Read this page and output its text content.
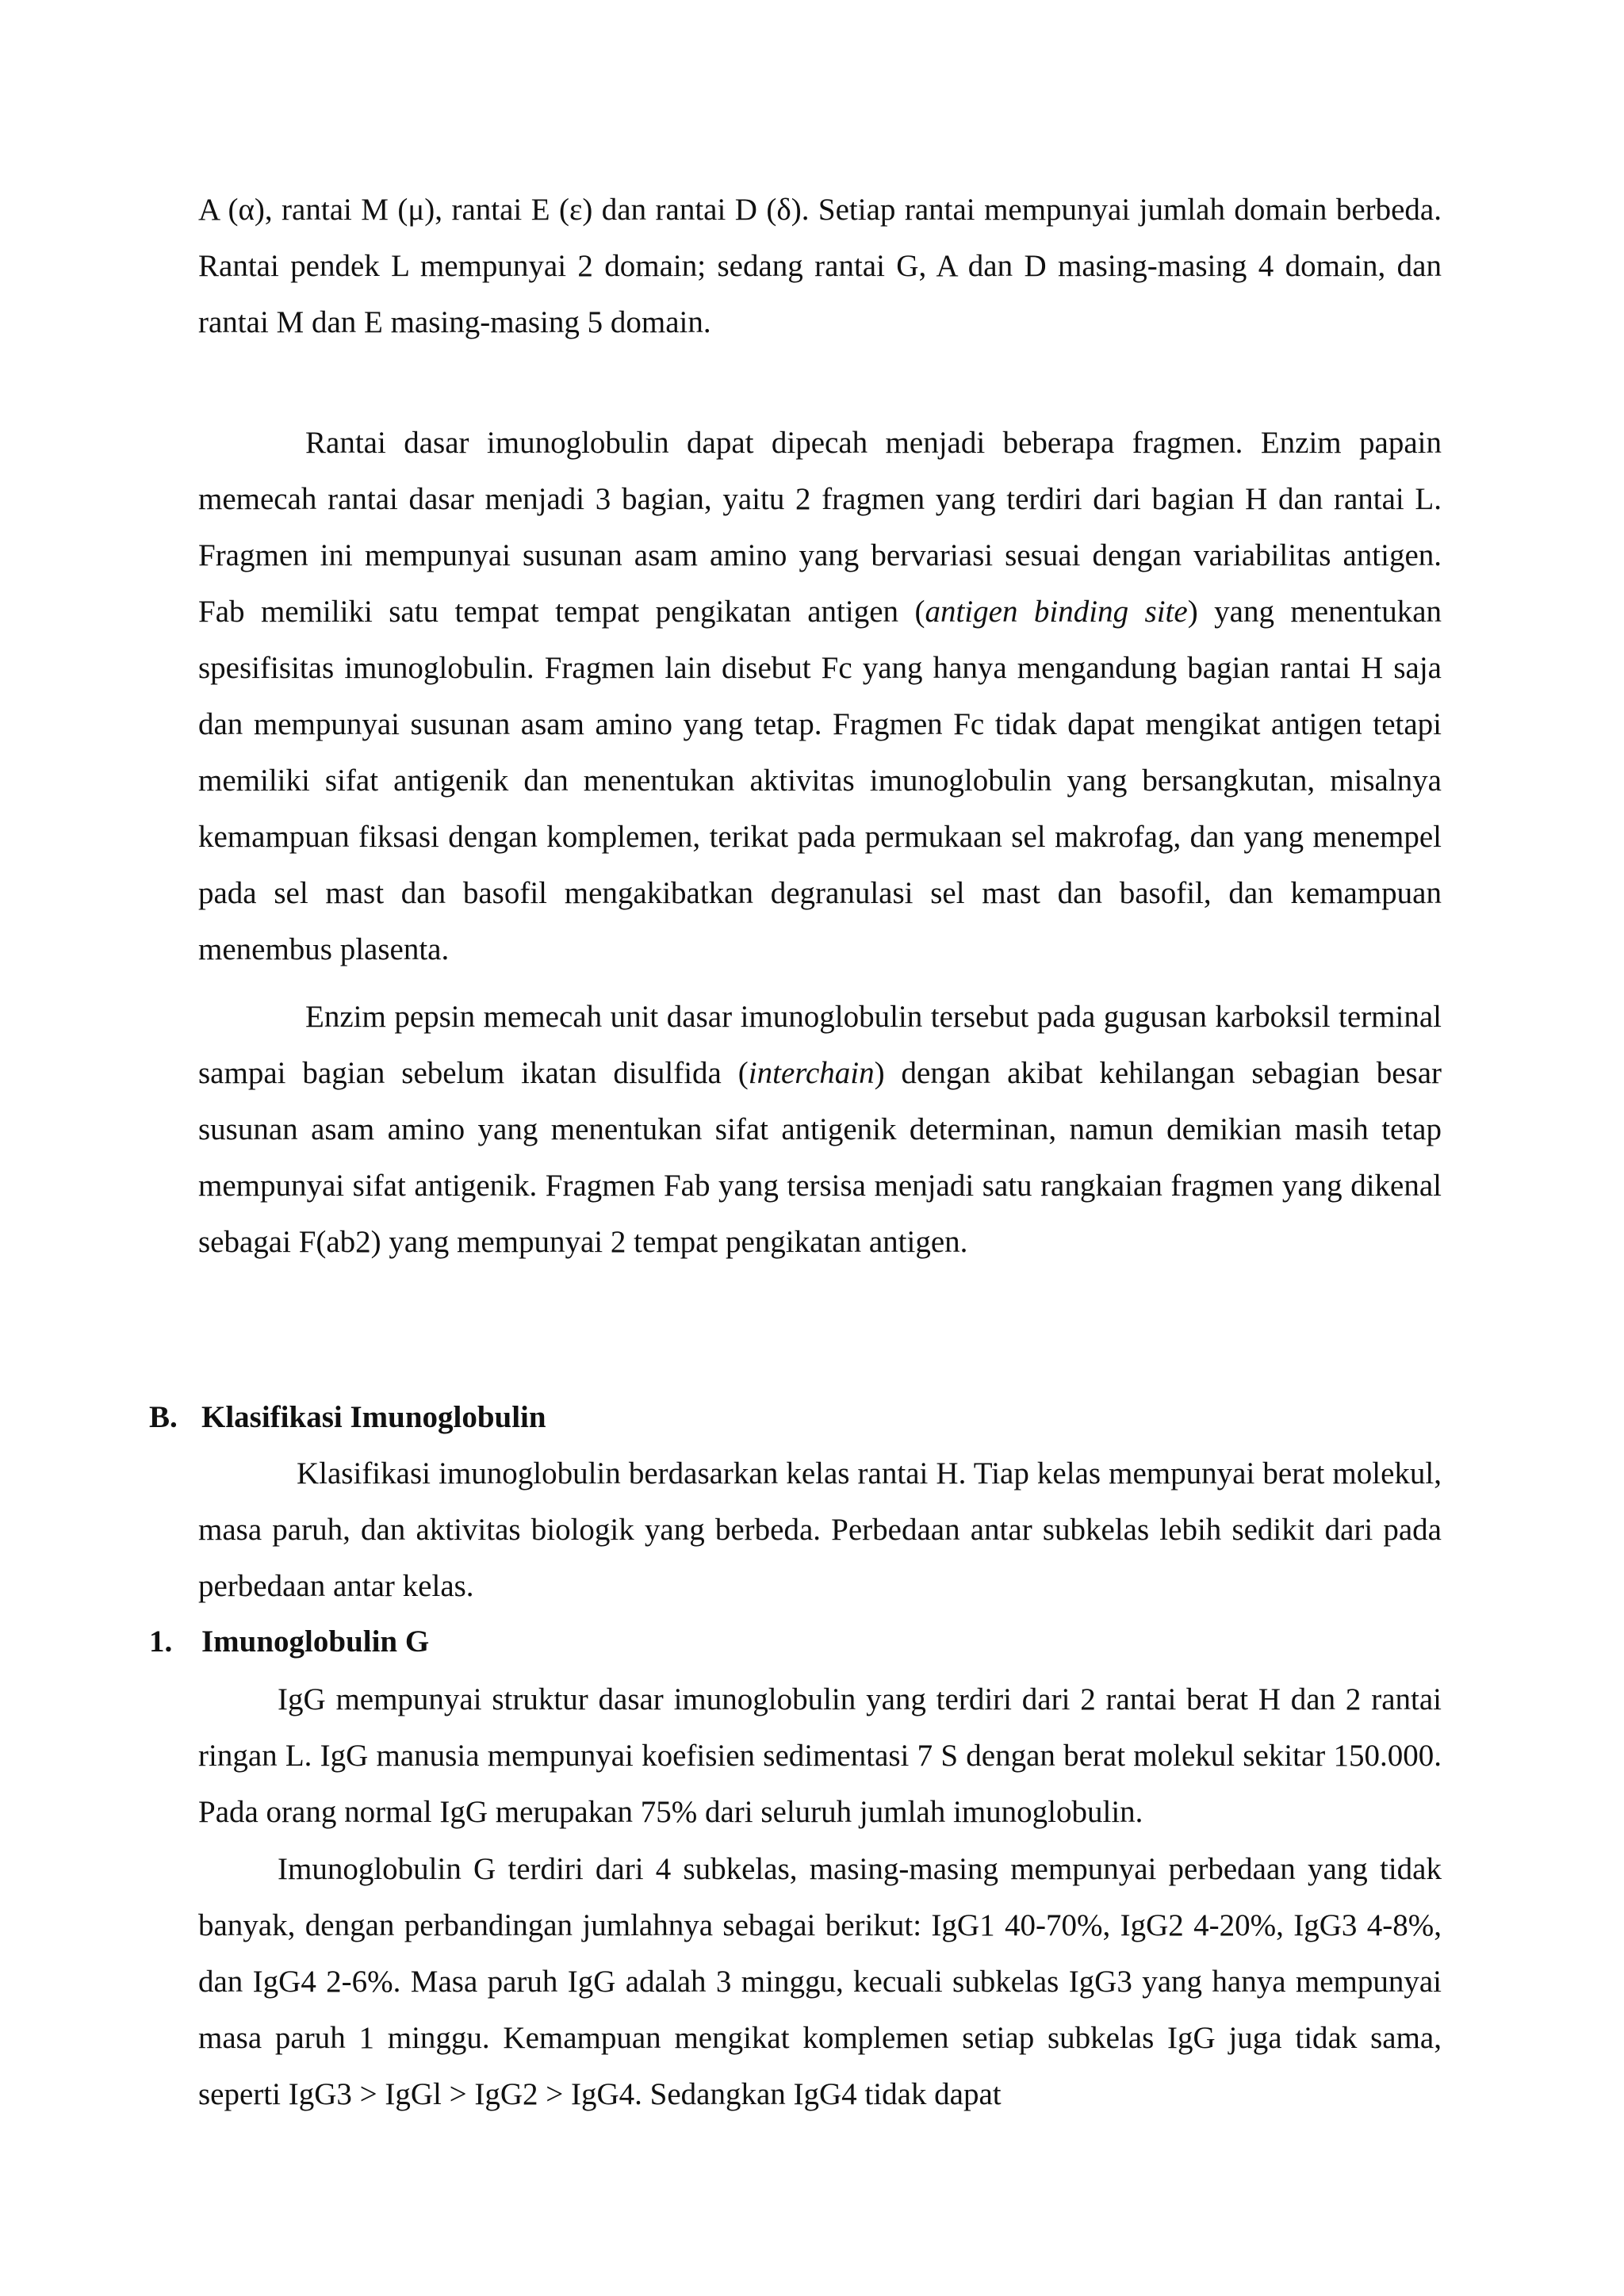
A (α), rantai M (μ), rantai E (ε) dan rantai D (δ). Setiap rantai mempunyai jumlah domain berbeda. Rantai pendek L mempunyai 2 domain; sedang rantai G, A dan D masing-masing 4 domain, dan rantai M dan E masing-masing 5 domain.

Rantai dasar imunoglobulin dapat dipecah menjadi beberapa fragmen. Enzim papain memecah rantai dasar menjadi 3 bagian, yaitu 2 fragmen yang terdiri dari bagian H dan rantai L. Fragmen ini mempunyai susunan asam amino yang bervariasi sesuai dengan variabilitas antigen. Fab memiliki satu tempat tempat pengikatan antigen (antigen binding site) yang menentukan spesifisitas imunoglobulin. Fragmen lain disebut Fc yang hanya mengandung bagian rantai H saja dan mempunyai susunan asam amino yang tetap. Fragmen Fc tidak dapat mengikat antigen tetapi memiliki sifat antigenik dan menentukan aktivitas imunoglobulin yang bersangkutan, misalnya kemampuan fiksasi dengan komplemen, terikat pada permukaan sel makrofag, dan yang menempel pada sel mast dan basofil mengakibatkan degranulasi sel mast dan basofil, dan kemampuan menembus plasenta.

Enzim pepsin memecah unit dasar imunoglobulin tersebut pada gugusan karboksil terminal sampai bagian sebelum ikatan disulfida (interchain) dengan akibat kehilangan sebagian besar susunan asam amino yang menentukan sifat antigenik determinan, namun demikian masih tetap mempunyai sifat antigenik. Fragmen Fab yang tersisa menjadi satu rangkaian fragmen yang dikenal sebagai F(ab2) yang mempunyai 2 tempat pengikatan antigen.

B. Klasifikasi Imunoglobulin

Klasifikasi imunoglobulin berdasarkan kelas rantai H. Tiap kelas mempunyai berat molekul, masa paruh, dan aktivitas biologik yang berbeda. Perbedaan antar subkelas lebih sedikit dari pada perbedaan antar kelas.

1. Imunoglobulin G

IgG mempunyai struktur dasar imunoglobulin yang terdiri dari 2 rantai berat H dan 2 rantai ringan L. IgG manusia mempunyai koefisien sedimentasi 7 S dengan berat molekul sekitar 150.000. Pada orang normal IgG merupakan 75% dari seluruh jumlah imunoglobulin.

Imunoglobulin G terdiri dari 4 subkelas, masing-masing mempunyai perbedaan yang tidak banyak, dengan perbandingan jumlahnya sebagai berikut: IgG1 40-70%, IgG2 4-20%, IgG3 4-8%, dan IgG4 2-6%. Masa paruh IgG adalah 3 minggu, kecuali subkelas IgG3 yang hanya mempunyai masa paruh 1 minggu. Kemampuan mengikat komplemen setiap subkelas IgG juga tidak sama, seperti IgG3 > IgGl > IgG2 > IgG4. Sedangkan IgG4 tidak dapat
